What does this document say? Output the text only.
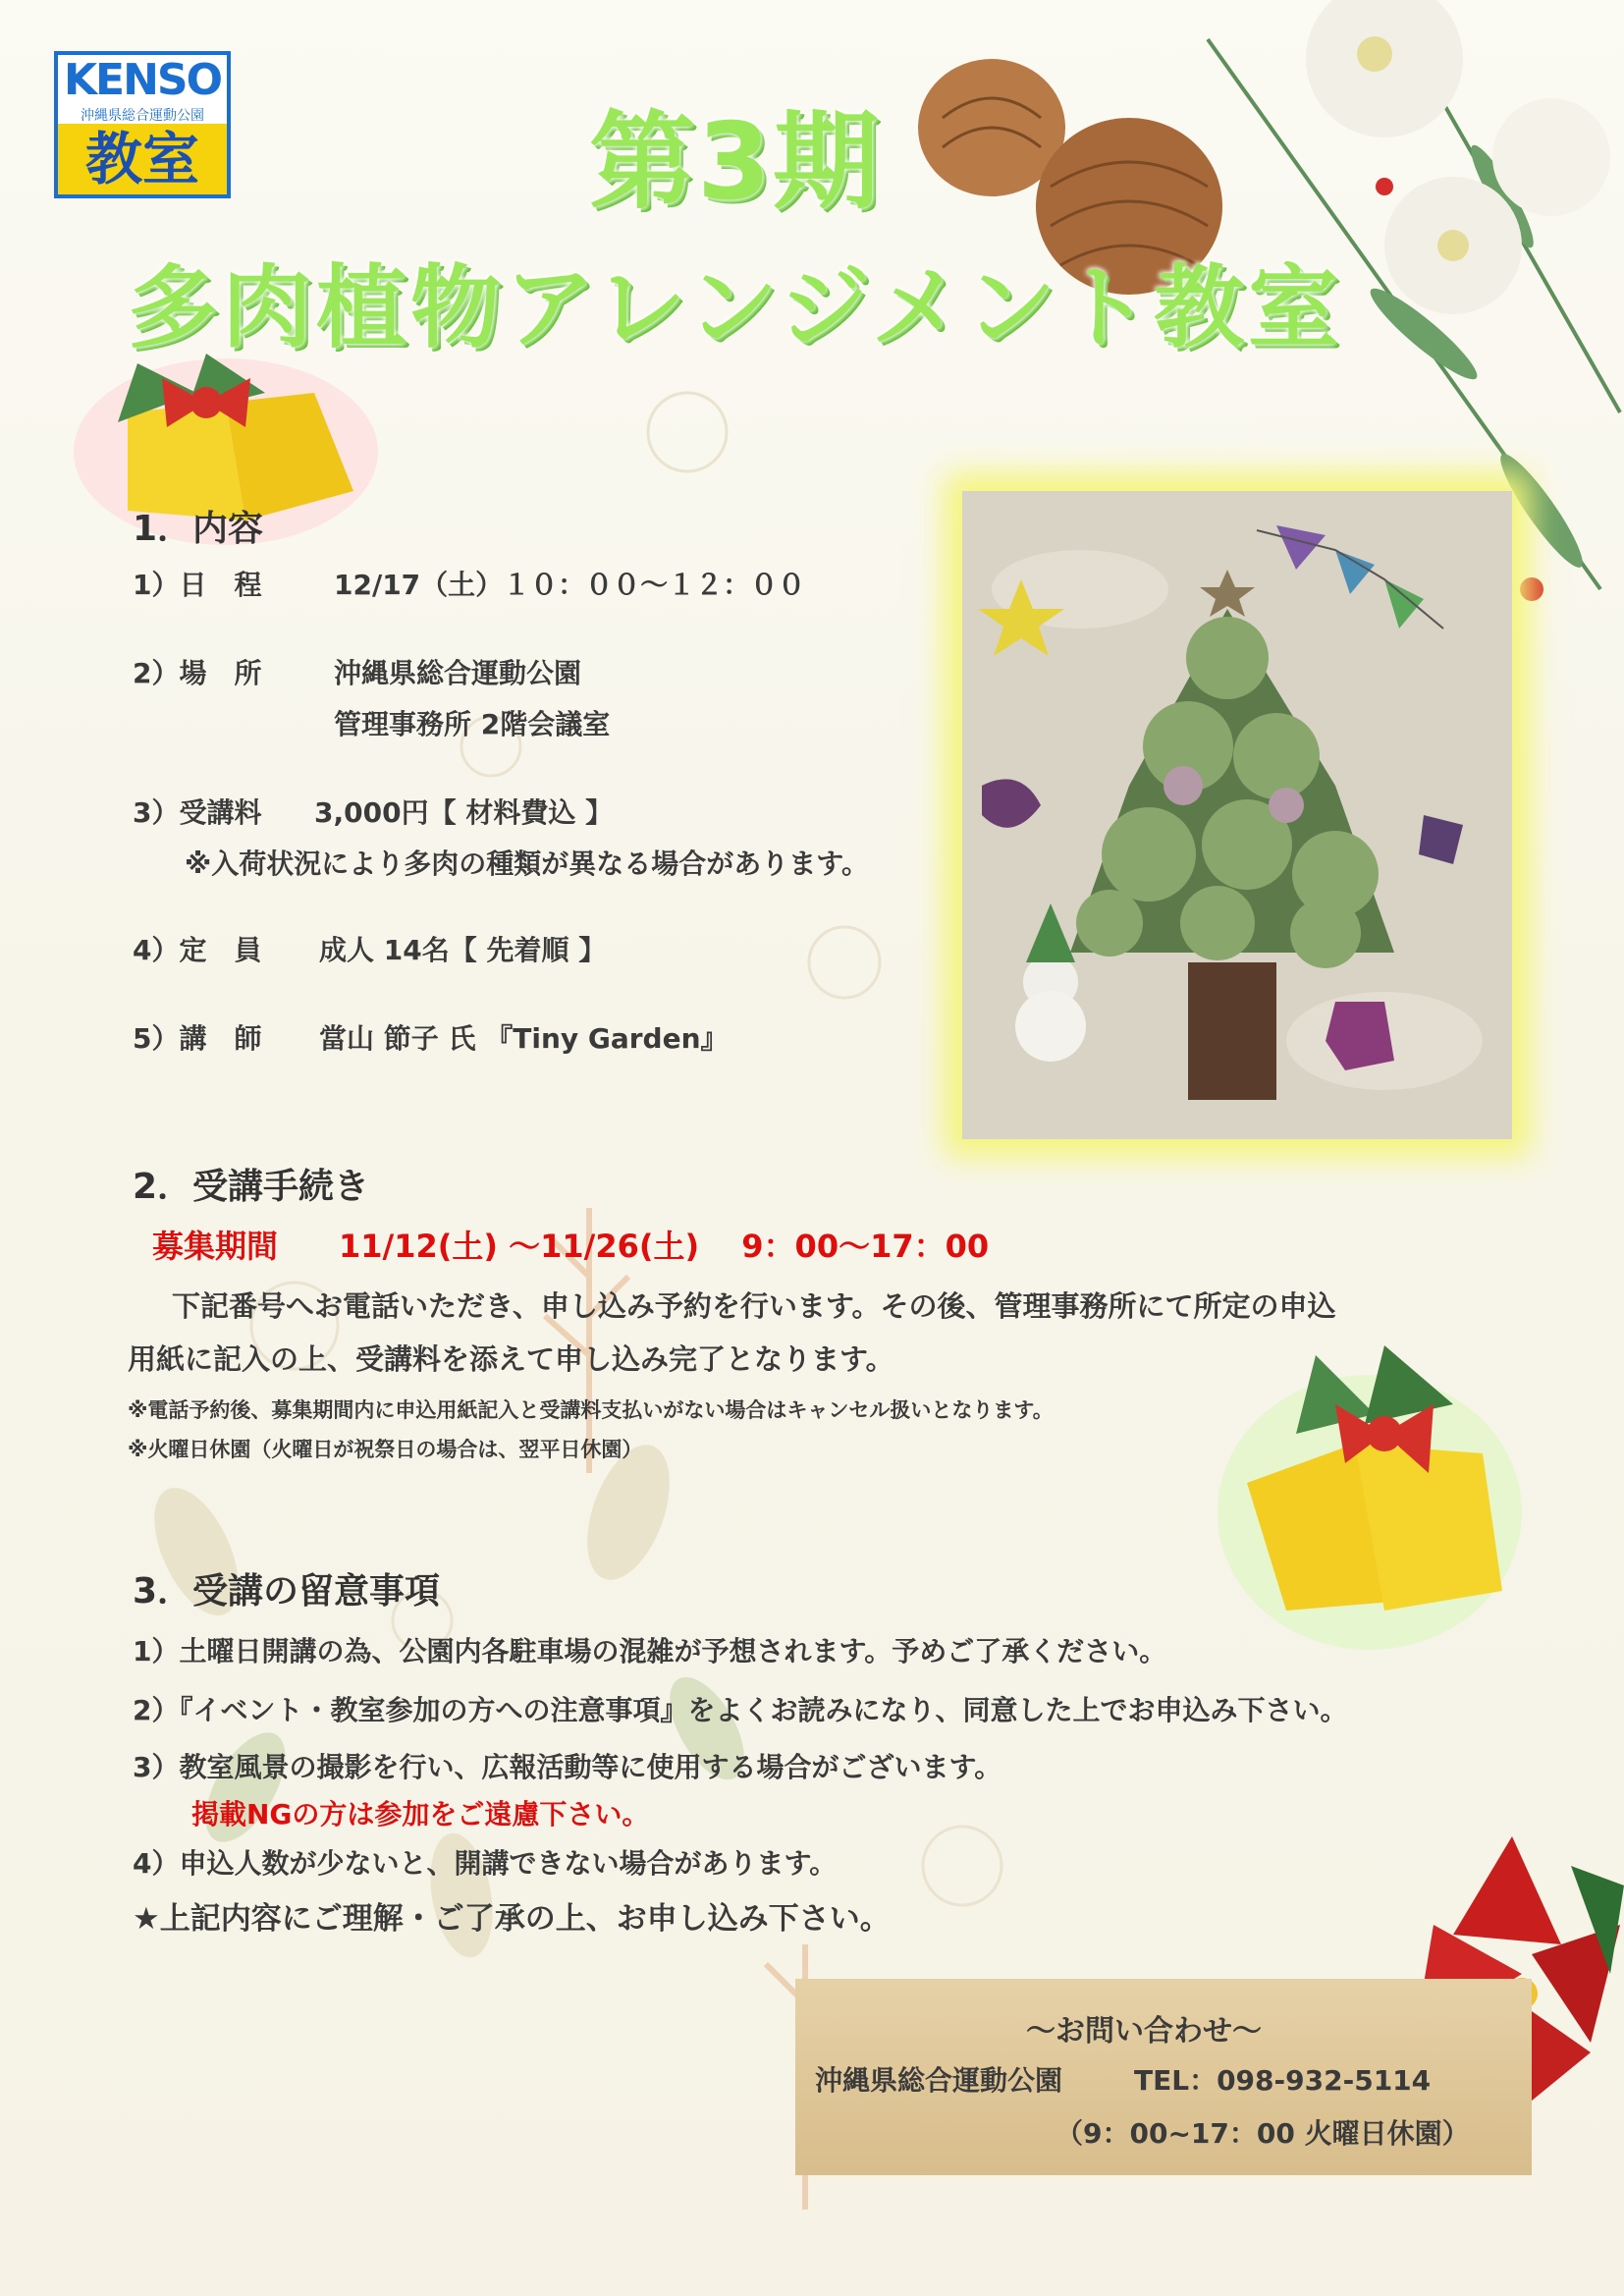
KENSO
沖縄県総合運動公園
教室	第3期
多肉植物アレンジメント教室
1．内容
1）日　程	12/17（土）１０：００～１２：００
2）場　所	沖縄県総合運動公園
管理事務所 2階会議室
3）受講料 3,000円【 材料費込 】
※入荷状況により多肉の種類が異なる場合があります。
4）定　員 成人 14名【 先着順 】
5）講　師 當山 節子 氏 『Tiny Garden』
2．受講手続き
募集期間 11/12(土) ～11/26(土)　 9：00～17：00
下記番号へお電話いただき、申し込み予約を行います。その後、管理事務所にて所定の申込
用紙に記入の上、受講料を添えて申し込み完了となります。
※電話予約後、募集期間内に申込用紙記入と受講料支払いがない場合はキャンセル扱いとなります。
※火曜日休園（火曜日が祝祭日の場合は、翌平日休園）
3．受講の留意事項
1）土曜日開講の為、公園内各駐車場の混雑が予想されます。予めご了承ください。
2）『イベント・教室参加の方への注意事項』をよくお読みになり、同意した上でお申込み下さい。
3）教室風景の撮影を行い、広報活動等に使用する場合がございます。
掲載NGの方は参加をご遠慮下さい。
4）申込人数が少ないと、開講できない場合があります。
★上記内容にご理解・ご了承の上、お申し込み下さい。
～お問い合わせ～
沖縄県総合運動公園	TEL：098-932-5114
（9：00~17：00 火曜日休園）
